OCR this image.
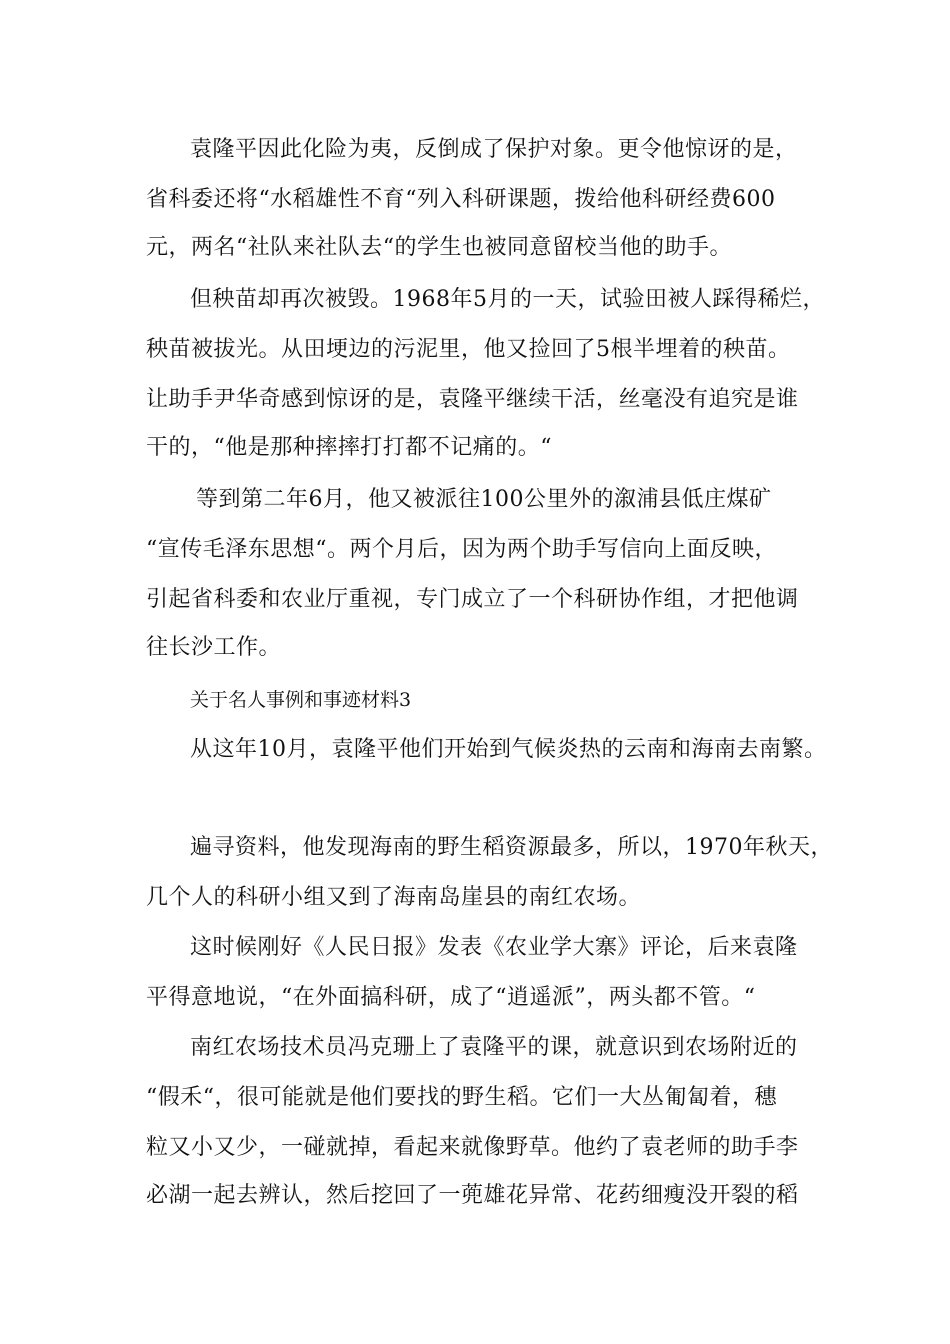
袁隆平因此化险为夷，反倒成了保护对象。更令他惊讶的是，
省科委还将“水稻雄性不育“列入科研课题，拨给他科研经费600
元，两名“社队来社队去“的学生也被同意留校当他的助手。
但秧苗却再次被毁。1968年5月的一天，试验田被人踩得稀烂，
秧苗被拔光。从田埂边的污泥里，他又捡回了5根半埋着的秧苗。
让助手尹华奇感到惊讶的是，袁隆平继续干活，丝毫没有追究是谁
干的，“他是那种摔摔打打都不记痛的。“
等到第二年6月，他又被派往100公里外的溆浦县低庄煤矿
“宣传毛泽东思想“。两个月后，因为两个助手写信向上面反映，
引起省科委和农业厅重视，专门成立了一个科研协作组，才把他调
往长沙工作。
关于名人事例和事迹材料3
从这年10月，袁隆平他们开始到气候炎热的云南和海南去南繁。
遍寻资料，他发现海南的野生稻资源最多，所以，1970年秋天，
几个人的科研小组又到了海南岛崖县的南红农场。
这时候刚好《人民日报》发表《农业学大寨》评论，后来袁隆
平得意地说，“在外面搞科研，成了“逍遥派”，两头都不管。“
南红农场技术员冯克珊上了袁隆平的课，就意识到农场附近的
“假禾“，很可能就是他们要找的野生稻。它们一大丛匍匐着，穗
粒又小又少，一碰就掉，看起来就像野草。他约了袁老师的助手李
必湖一起去辨认，然后挖回了一蔸雄花异常、花药细瘦没开裂的稻
